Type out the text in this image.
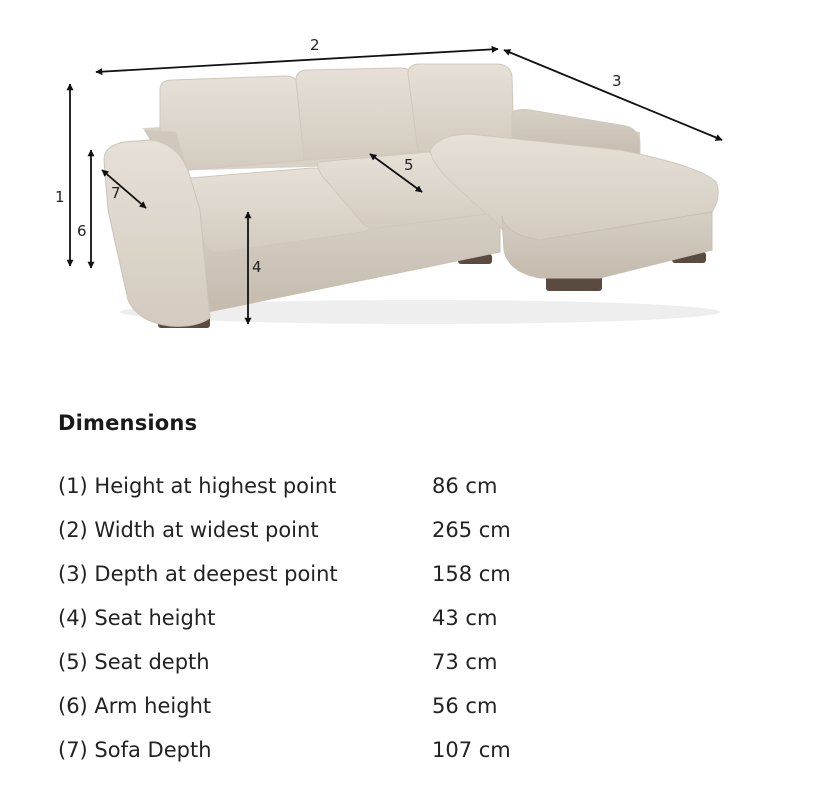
1
2
3
4
5
6
7
Dimensions
(1) Height at highest point	86 cm
(2) Width at widest point	265 cm
(3) Depth at deepest point	158 cm
(4) Seat height	43 cm
(5) Seat depth	73 cm
(6) Arm height	56 cm
(7) Sofa Depth	107 cm
